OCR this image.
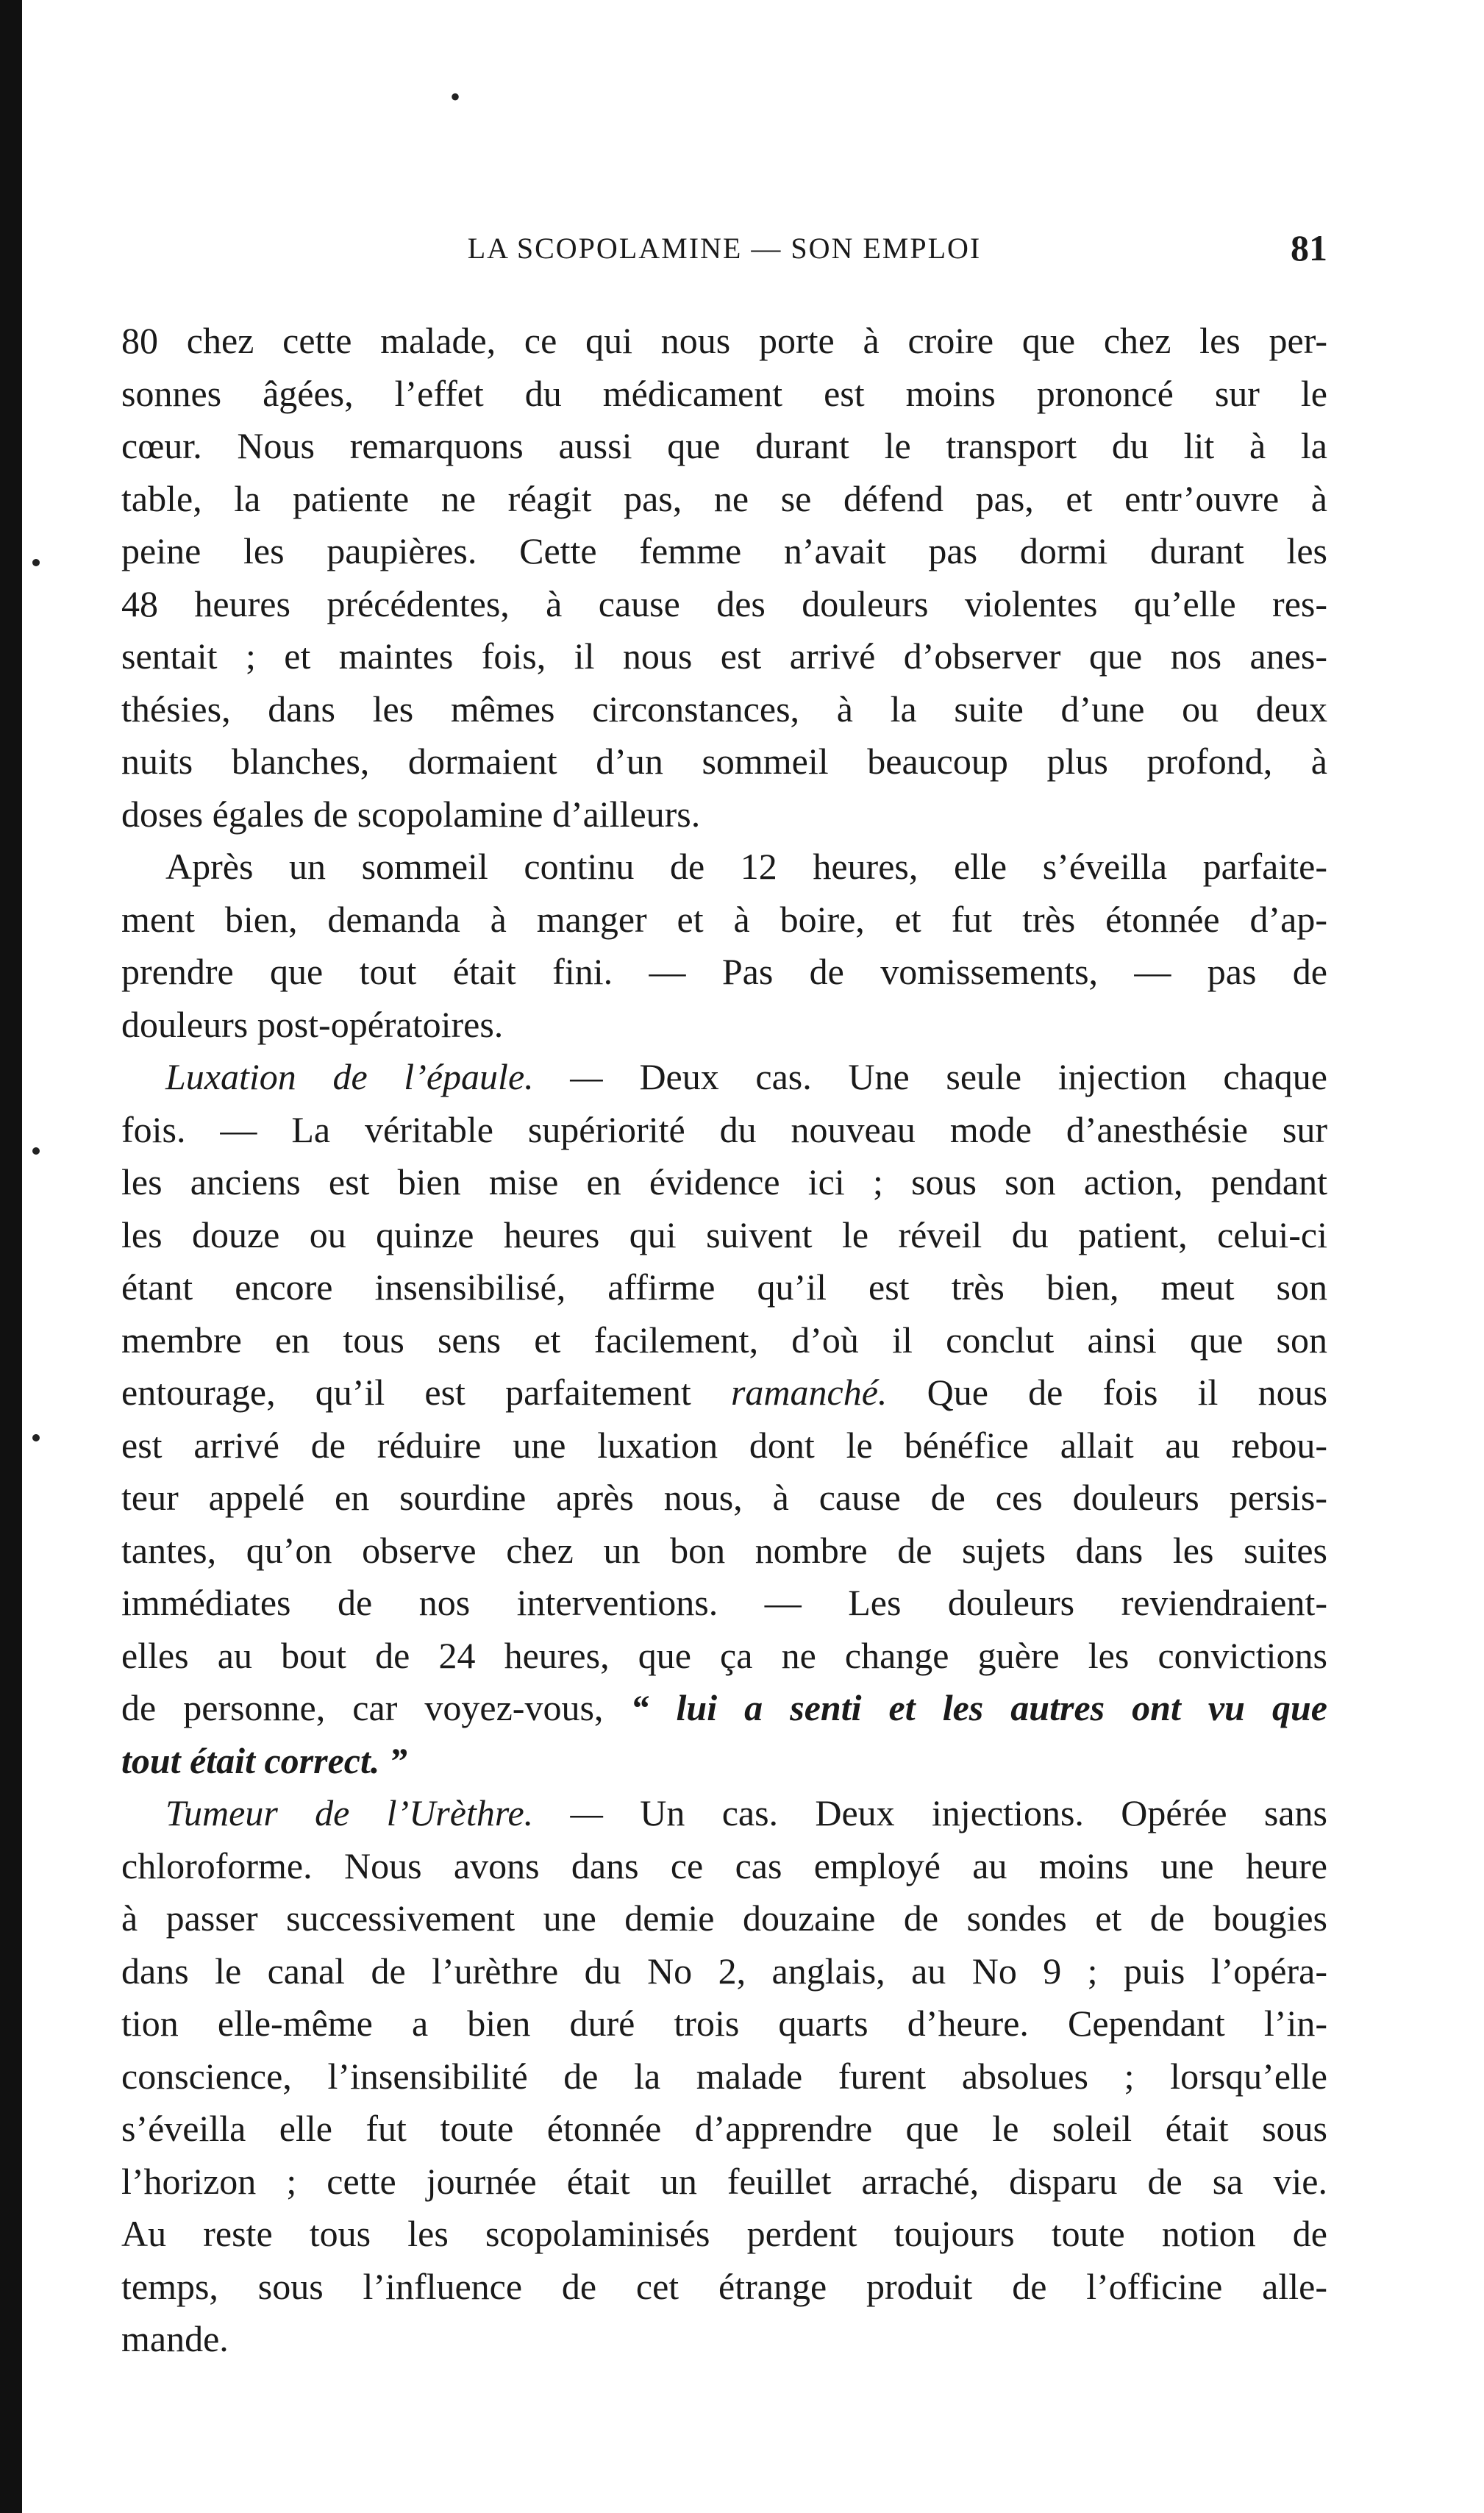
•
LA SCOPOLAMINE — SON EMPLOI	81
80 chez cette malade, ce qui nous porte à croire que chez les per-
sonnes âgées, l’effet du médicament est moins prononcé sur le
cœur. Nous remarquons aussi que durant le transport du lit à la
table, la patiente ne réagit pas, ne se défend pas, et entr’ouvre à
peine les paupières. Cette femme n’avait pas dormi durant les
48 heures précédentes, à cause des douleurs violentes qu’elle res-
sentait ; et maintes fois, il nous est arrivé d’observer que nos anes-
thésies, dans les mêmes circonstances, à la suite d’une ou deux
nuits blanches, dormaient d’un sommeil beaucoup plus profond, à
doses égales de scopolamine d’ailleurs.
Après un sommeil continu de 12 heures, elle s’éveilla parfaite-
ment bien, demanda à manger et à boire, et fut très étonnée d’ap-
prendre que tout était fini. — Pas de vomissements, — pas de
douleurs post-opératoires.
Luxation de l’épaule. — Deux cas. Une seule injection chaque
fois. — La véritable supériorité du nouveau mode d’anesthésie sur
les anciens est bien mise en évidence ici ; sous son action, pendant
les douze ou quinze heures qui suivent le réveil du patient, celui-ci
étant encore insensibilisé, affirme qu’il est très bien, meut son
membre en tous sens et facilement, d’où il conclut ainsi que son
entourage, qu’il est parfaitement ramanché. Que de fois il nous
est arrivé de réduire une luxation dont le bénéfice allait au rebou-
teur appelé en sourdine après nous, à cause de ces douleurs persis-
tantes, qu’on observe chez un bon nombre de sujets dans les suites
immédiates de nos interventions. — Les douleurs reviendraient-
elles au bout de 24 heures, que ça ne change guère les convictions
de personne, car voyez-vous, “ lui a senti et les autres ont vu que
tout était correct. ”
Tumeur de l’Urèthre. — Un cas. Deux injections. Opérée sans
chloroforme. Nous avons dans ce cas employé au moins une heure
à passer successivement une demie douzaine de sondes et de bougies
dans le canal de l’urèthre du No 2, anglais, au No 9 ; puis l’opéra-
tion elle-même a bien duré trois quarts d’heure. Cependant l’in-
conscience, l’insensibilité de la malade furent absolues ; lorsqu’elle
s’éveilla elle fut toute étonnée d’apprendre que le soleil était sous
l’horizon ; cette journée était un feuillet arraché, disparu de sa vie.
Au reste tous les scopolaminisés perdent toujours toute notion de
temps, sous l’influence de cet étrange produit de l’officine alle-
mande.
